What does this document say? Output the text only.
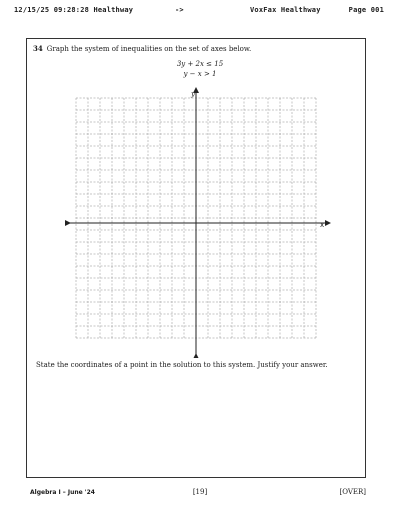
12/15/25 09:28:28 Healthway	->	VoxFax Healthway	Page 001
34 Graph the system of inequalities on the set of axes below.
3y + 2x ≤ 15
y − x > 1
x
y
State the coordinates of a point in the solution to this system. Justify your answer.
Algebra I – June '24	[19]	[OVER]
